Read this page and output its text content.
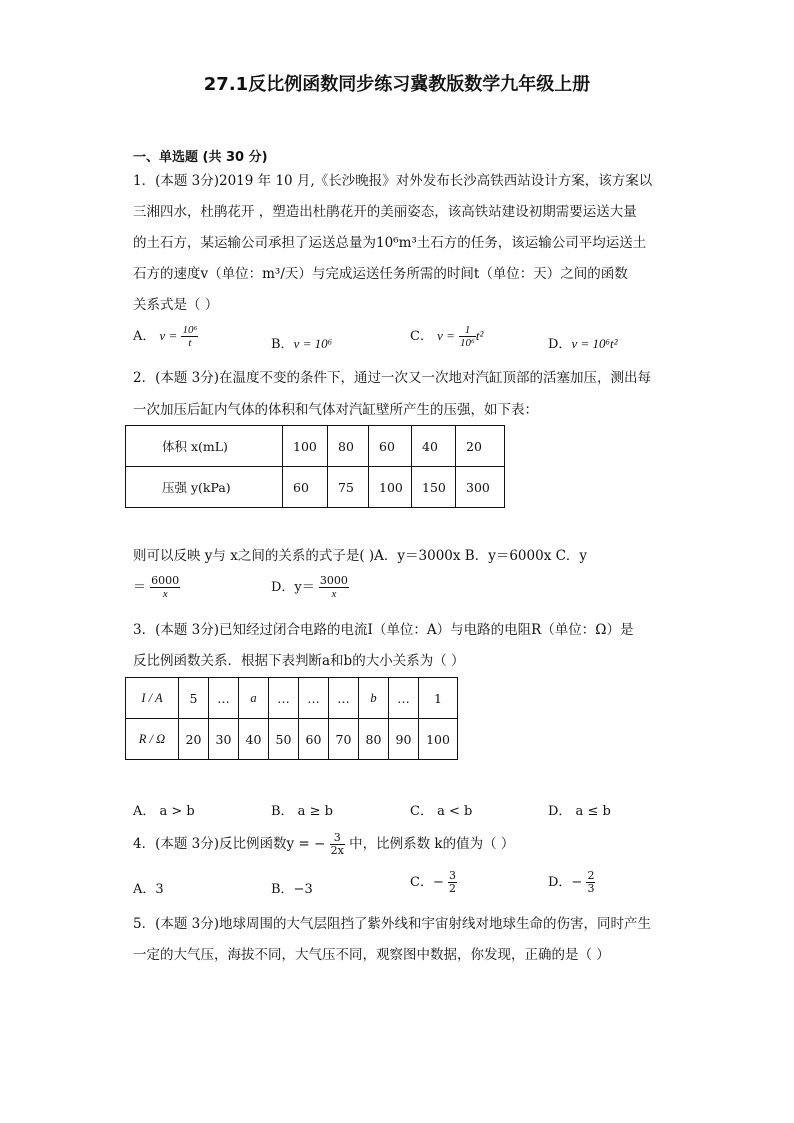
27.1反比例函数同步练习冀教版数学九年级上册
一、单选题 (共 30 分)
1．(本题 3分)2019 年 10 月,《长沙晚报》对外发布长沙高铁西站设计方案，该方案以
三湘四水，杜鹃花开 ，塑造出杜鹃花开的美丽姿态，该高铁站建设初期需要运送大量
的土石方，某运输公司承担了运送总量为10⁶m³土石方的任务，该运输公司平均运送土
石方的速度v（单位：m³/天）与完成运送任务所需的时间t（单位：天）之间的函数
关系式是（ ）
A． $v = \frac{\text{10⁶}}{t}$	B．v = 10⁶	C． $v = \frac{1}{\text{10⁶}} t^2$
D．v = 10⁶t²
2．(本题 3分)在温度不变的条件下，通过一次又一次地对汽缸顶部的活塞加压，测出每
一次加压后缸内气体的体积和气体对汽缸壁所产生的压强，如下表：
体积 x(mL)	100	80	60	40	20
压强 y(kPa)	60	75	100	150	300
则可以反映 y与 x之间的关系的式子是( )A．y＝3000x B．y＝6000x C．y
＝ $\frac{6000}{x}$	D．$y= \frac{3000}{x}$
3．(本题 3分)已知经过闭合电路的电流I（单位：A）与电路的电阻R（单位：Ω）是
反比例函数关系．根据下表判断a和b的大小关系为（ ）
I / A	5	…	a	…	…	…	b	…	1
R / Ω	20	30	40	50	60	70	80	90	100
A． a > b	B． a ≥ b	C． a < b	D． a ≤ b
4．(本题 3分)反比例函数y = − $\frac{3}{2x}$ 中，比例系数 k的值为（ ）
A．3	B．−3	C．− $\frac{3}{2}$	D．− $\frac{2}{3}$
5．(本题 3分)地球周围的大气层阻挡了紫外线和宇宙射线对地球生命的伤害，同时产生
一定的大气压，海拔不同，大气压不同，观察图中数据，你发现，正确的是（ ）
